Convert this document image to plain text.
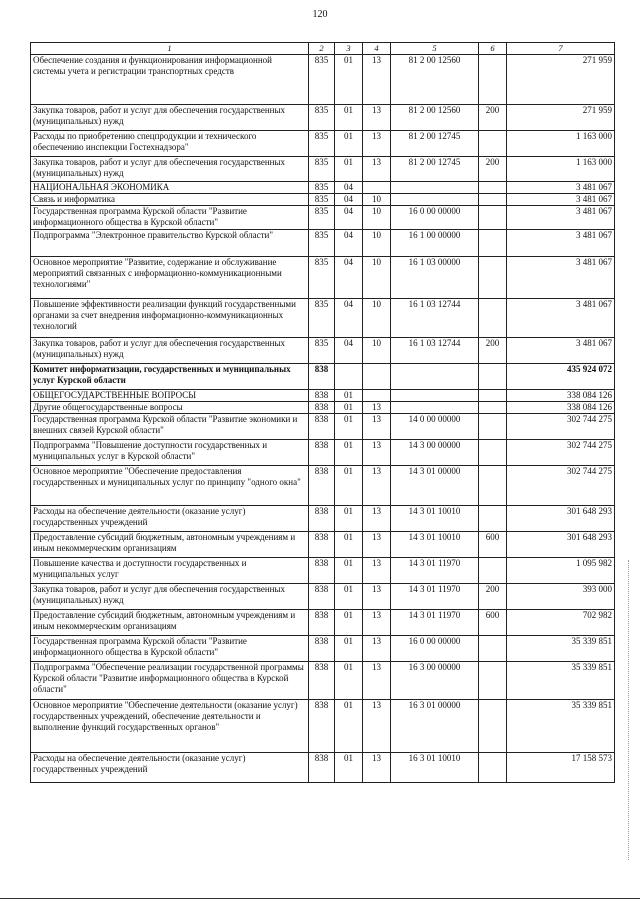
120
1	2	3	4	5	6	7
Обеспечение создания и функционирования информационной системы учета и регистрации транспортных средств	835	01	13	81 2 00 12560		271 959
Закупка товаров, работ и услуг для обеспечения государственных (муниципальных) нужд	835	01	13	81 2 00 12560	200	271 959
Расходы по приобретению спецпродукции и технического обеспечению инспекции Гостехнадзора"	835	01	13	81 2 00 12745		1 163 000
Закупка товаров, работ и услуг для обеспечения государственных (муниципальных) нужд	835	01	13	81 2 00 12745	200	1 163 000
НАЦИОНАЛЬНАЯ ЭКОНОМИКА	835	04				3 481 067
Связь и информатика	835	04	10			3 481 067
Государственная программа Курской области "Развитие информационного общества в Курской области"	835	04	10	16 0 00 00000		3 481 067
Подпрограмма "Электронное правительство Курской области"	835	04	10	16 1 00 00000		3 481 067
Основное мероприятие "Развитие, содержание и обслуживание мероприятий связанных с информационно-коммуникационными технологиями"	835	04	10	16 1 03 00000		3 481 067
Повышение эффективности реализации функций государственными органами за счет внедрения информационно-коммуникационных технологий	835	04	10	16 1 03 12744		3 481 067
Закупка товаров, работ и услуг для обеспечения государственных (муниципальных) нужд	835	04	10	16 1 03 12744	200	3 481 067
Комитет информатизации, государственных и муниципальных услуг Курской области	838					435 924 072
ОБЩЕГОСУДАРСТВЕННЫЕ ВОПРОСЫ	838	01				338 084 126
Другие общегосударственные вопросы	838	01	13			338 084 126
Государственная программа Курской области "Развитие экономики и внешних связей Курской области"	838	01	13	14 0 00 00000		302 744 275
Подпрограмма "Повышение доступности государственных и муниципальных услуг в Курской области"	838	01	13	14 3 00 00000		302 744 275
Основное мероприятие "Обеспечение предоставления государственных и муниципальных услуг по принципу "одного окна"	838	01	13	14 3 01 00000		302 744 275
Расходы на обеспечение деятельности (оказание услуг) государственных учреждений	838	01	13	14 3 01 10010		301 648 293
Предоставление субсидий бюджетным, автономным учреждениям и иным некоммерческим организациям	838	01	13	14 3 01 10010	600	301 648 293
Повышение качества и доступности государственных и муниципальных услуг	838	01	13	14 3 01 11970		1 095 982
Закупка товаров, работ и услуг для обеспечения государственных (муниципальных) нужд	838	01	13	14 3 01 11970	200	393 000
Предоставление субсидий бюджетным, автономным учреждениям и иным некоммерческим организациям	838	01	13	14 3 01 11970	600	702 982
Государственная программа Курской области "Развитие информационного общества в Курской области"	838	01	13	16 0 00 00000		35 339 851
Подпрограмма "Обеспечение реализации государственной программы Курской области "Развитие информационного общества в Курской области"	838	01	13	16 3 00 00000		35 339 851
Основное мероприятие "Обеспечение деятельности (оказание услуг) государственных учреждений, обеспечение деятельности и выполнение функций государственных органов"	838	01	13	16 3 01 00000		35 339 851
Расходы на обеспечение деятельности (оказание услуг) государственных учреждений	838	01	13	16 3 01 10010		17 158 573
